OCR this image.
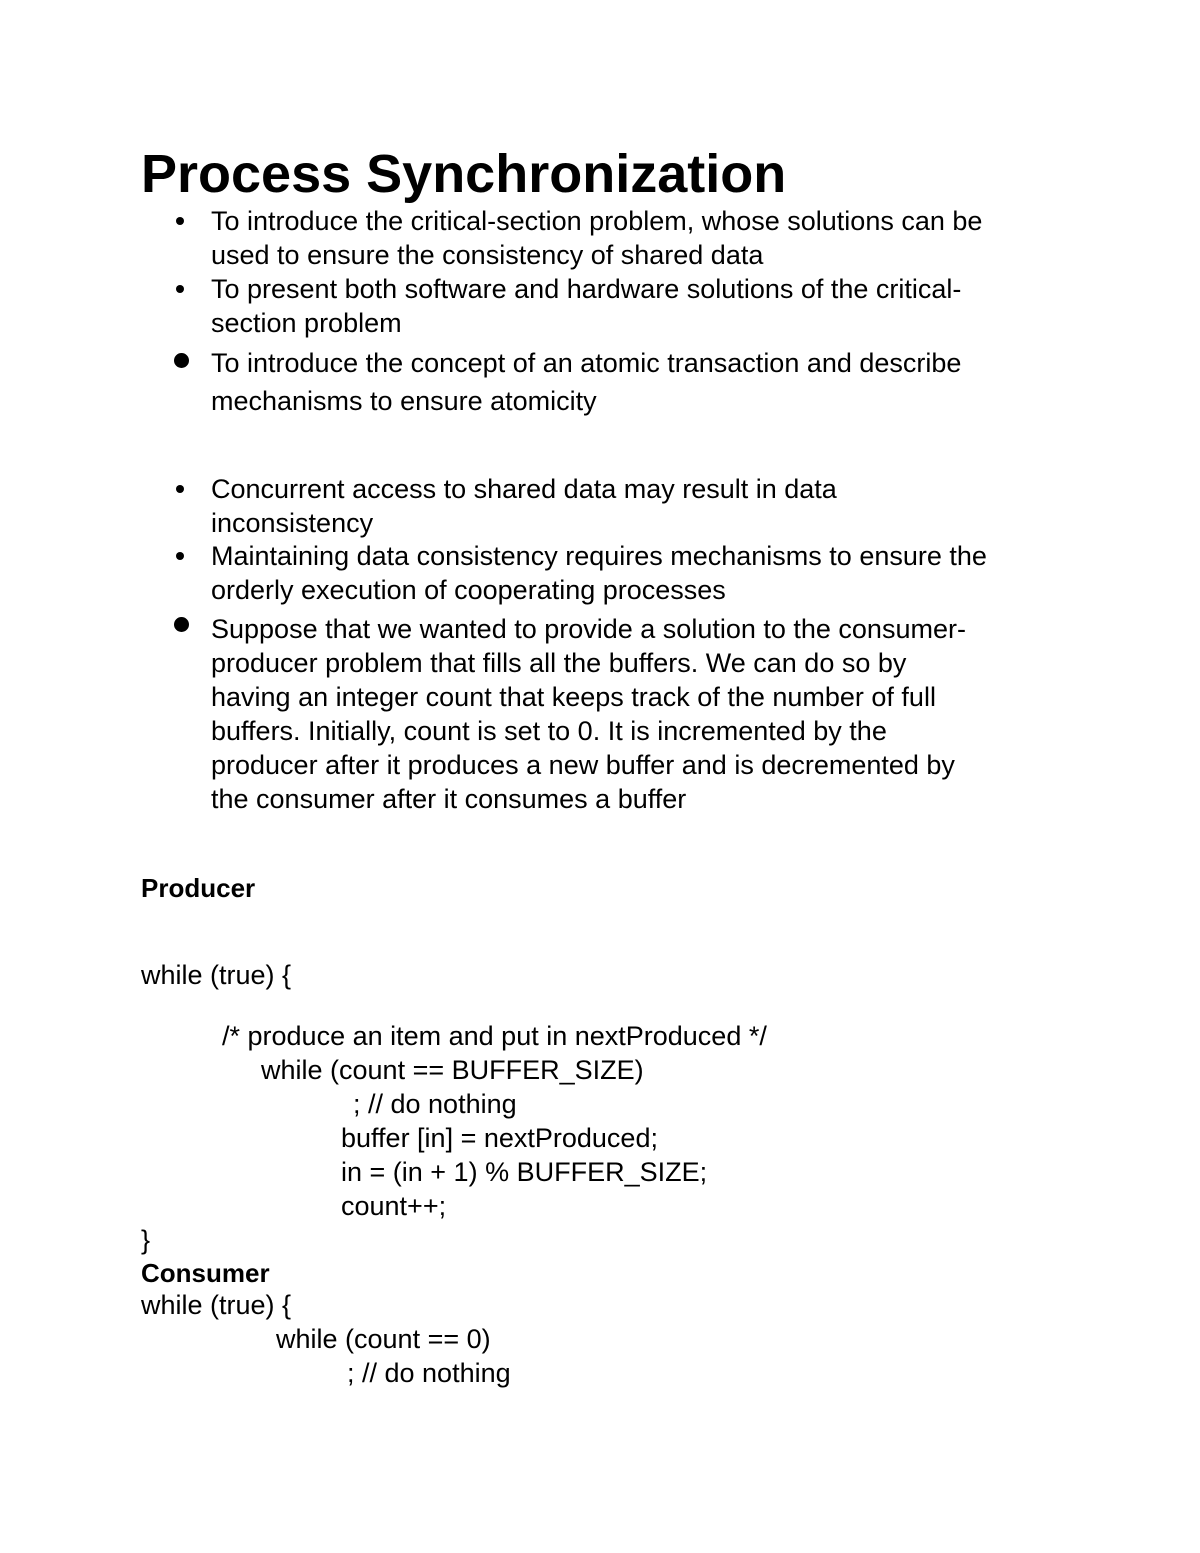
Process Synchronization
To introduce the critical-section problem, whose solutions can be
used to ensure the consistency of shared data
To present both software and hardware solutions of the critical-
section problem
To introduce the concept of an atomic transaction and describe
mechanisms to ensure atomicity
Concurrent access to shared data may result in data
inconsistency
Maintaining data consistency requires mechanisms to ensure the
orderly execution of cooperating processes
Suppose that we wanted to provide a solution to the consumer-
producer problem that fills all the buffers. We can do so by
having an integer count that keeps track of the number of full
buffers. Initially, count is set to 0. It is incremented by the
producer after it produces a new buffer and is decremented by
the consumer after it consumes a buffer
Producer
while (true) {
/* produce an item and put in nextProduced */
while (count == BUFFER_SIZE)
; // do nothing
buffer [in] = nextProduced;
in = (in + 1) % BUFFER_SIZE;
count++;
}
Consumer
while (true) {
while (count == 0)
; // do nothing
